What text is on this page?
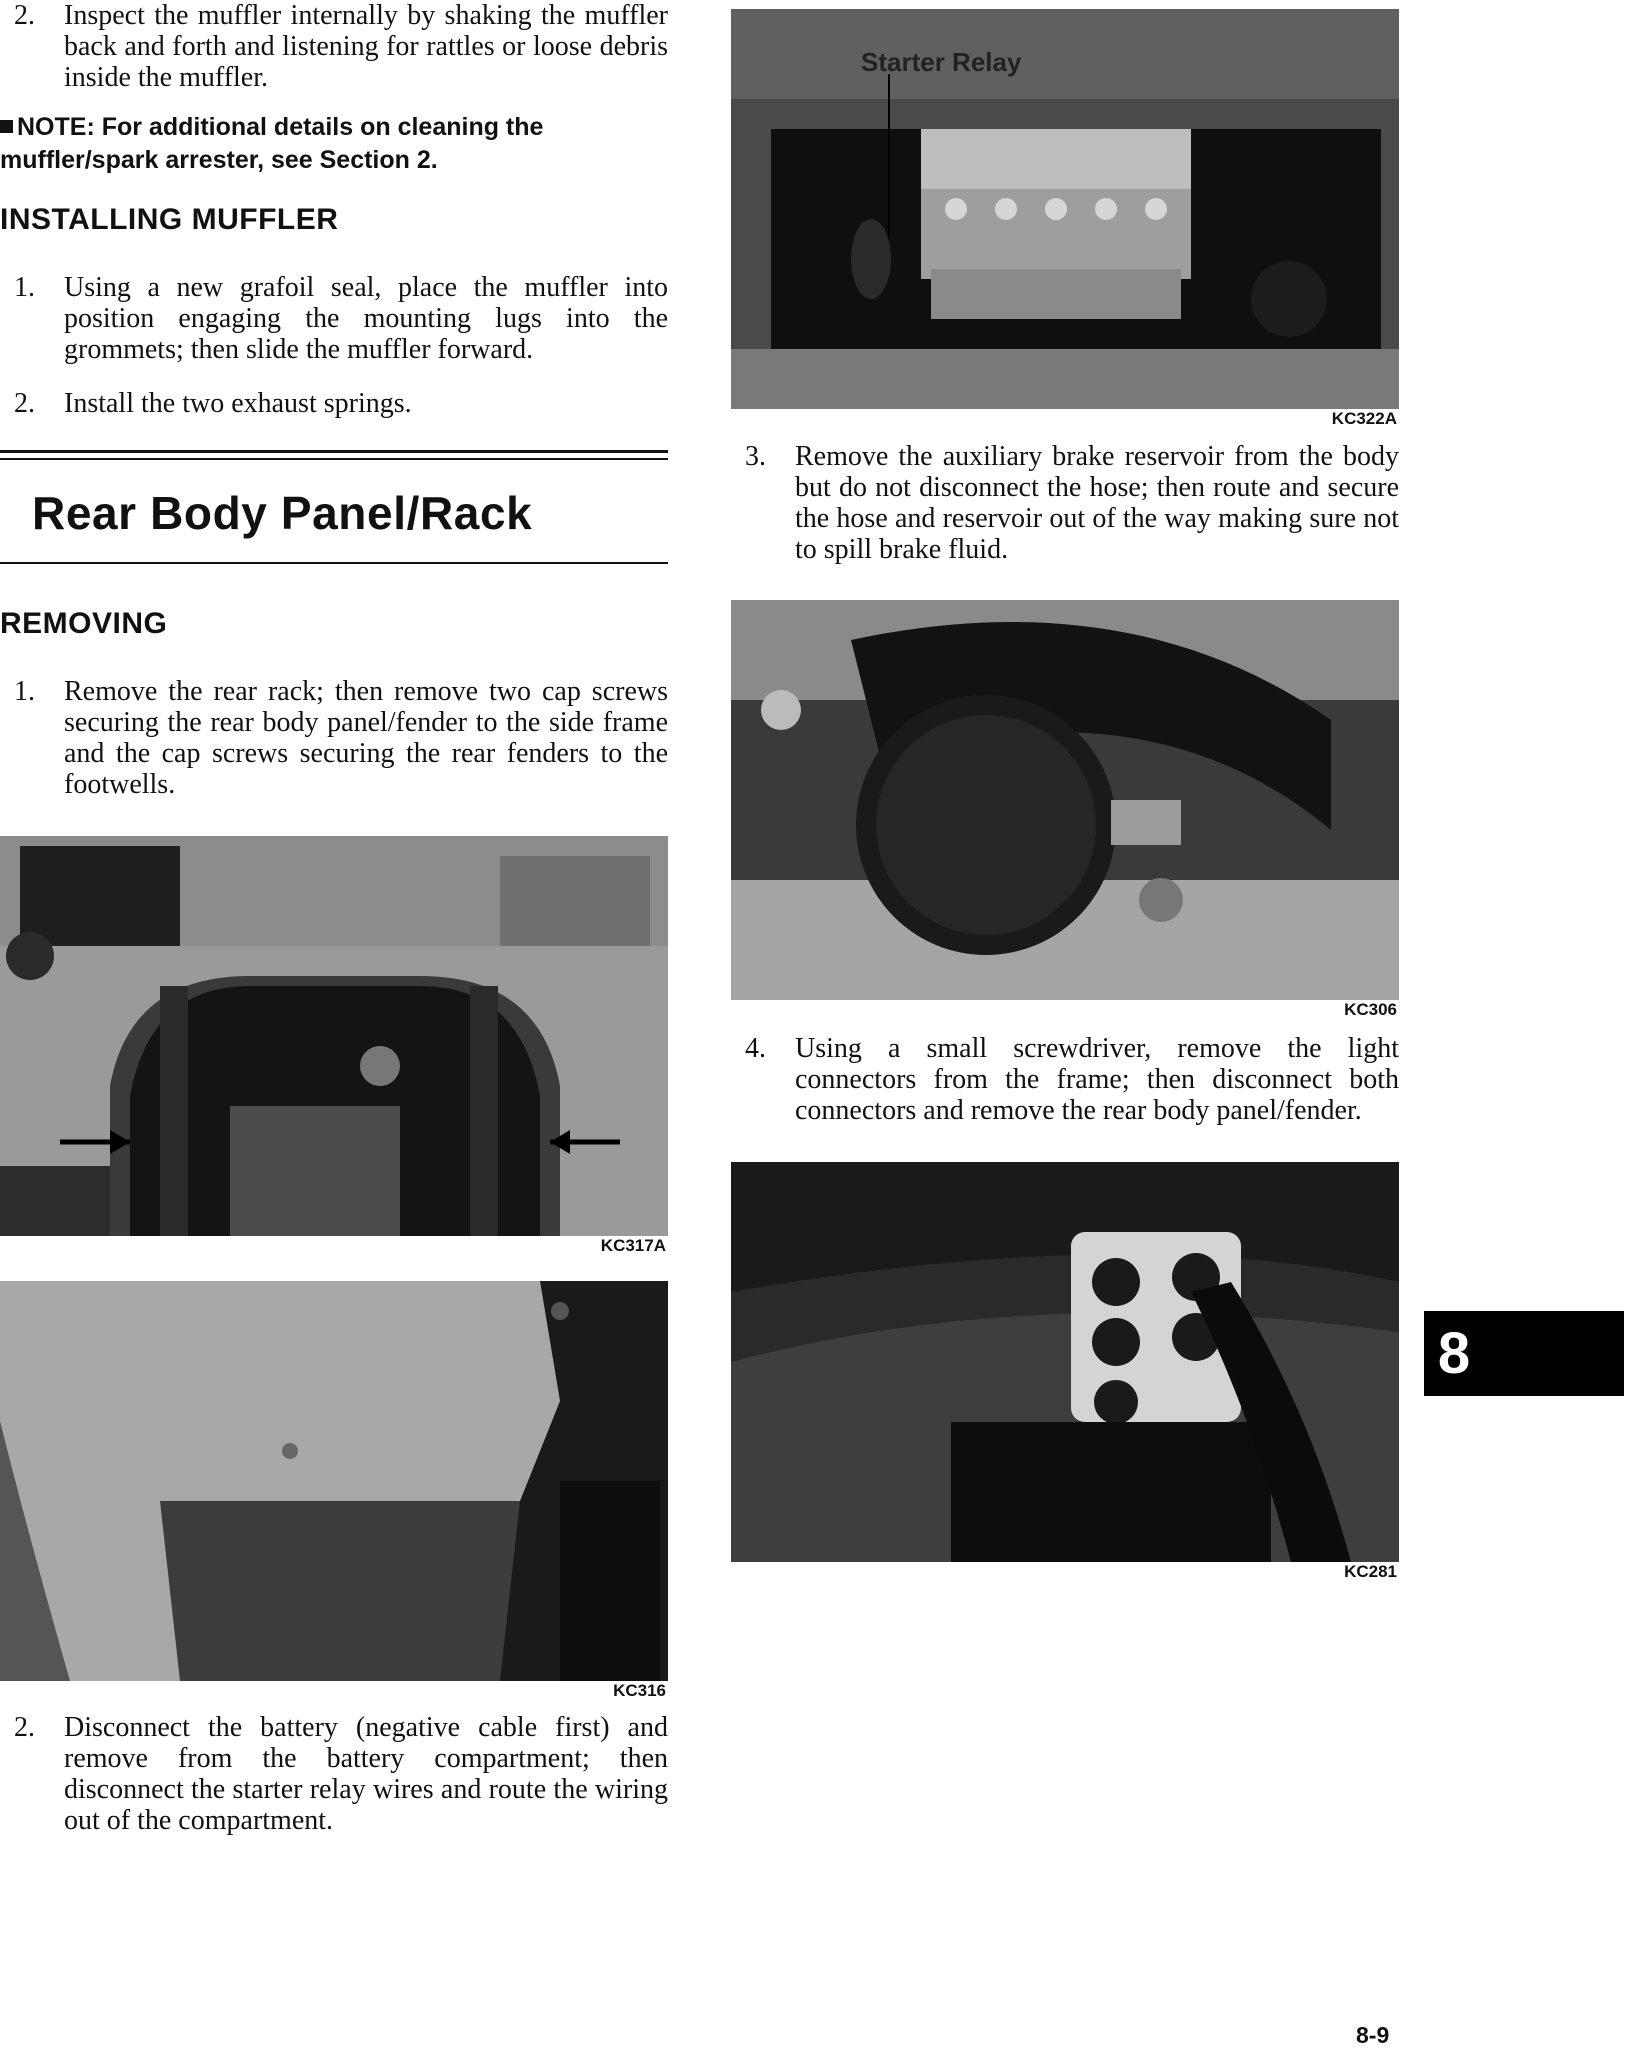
2. Inspect the muffler internally by shaking the muffler back and forth and listening for rattles or loose debris inside the muffler.
NOTE: For additional details on cleaning the muffler/spark arrester, see Section 2.
INSTALLING MUFFLER
1. Using a new grafoil seal, place the muffler into position engaging the mounting lugs into the grommets; then slide the muffler forward.
2. Install the two exhaust springs.
Rear Body Panel/Rack
REMOVING
1. Remove the rear rack; then remove two cap screws securing the rear body panel/fender to the side frame and the cap screws securing the rear fenders to the footwells.
KC317A
KC316
2. Disconnect the battery (negative cable first) and remove from the battery compartment; then disconnect the starter relay wires and route the wiring out of the compartment.
Starter Relay
KC322A
3. Remove the auxiliary brake reservoir from the body but do not disconnect the hose; then route and secure the hose and reservoir out of the way making sure not to spill brake fluid.
KC306
4. Using a small screwdriver, remove the light connectors from the frame; then disconnect both connectors and remove the rear body panel/fender.
KC281
8
8-9
